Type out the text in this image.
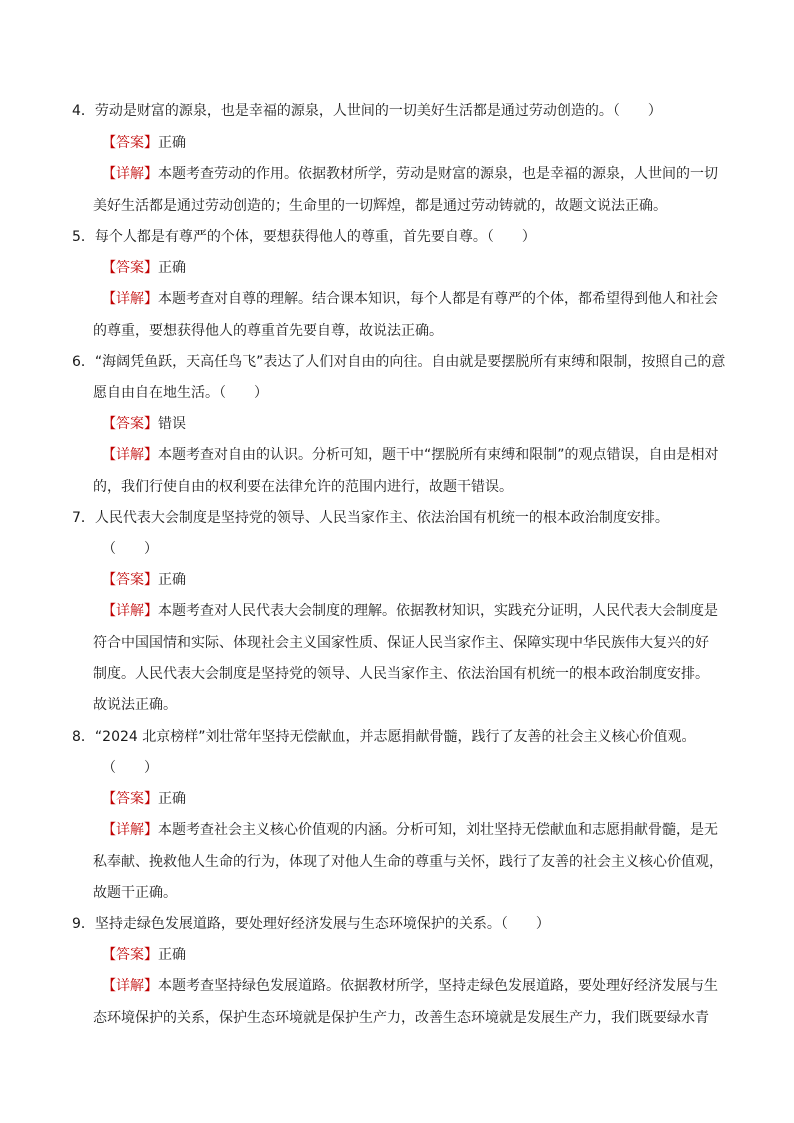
4．劳动是财富的源泉，也是幸福的源泉，人世间的一切美好生活都是通过劳动创造的。（　　）
【答案】正确
【详解】本题考查劳动的作用。依据教材所学，劳动是财富的源泉，也是幸福的源泉，人世间的一切
美好生活都是通过劳动创造的；生命里的一切辉煌，都是通过劳动铸就的，故题文说法正确。
5．每个人都是有尊严的个体，要想获得他人的尊重，首先要自尊。（　　）
【答案】正确
【详解】本题考查对自尊的理解。结合课本知识，每个人都是有尊严的个体，都希望得到他人和社会
的尊重，要想获得他人的尊重首先要自尊，故说法正确。
6．“海阔凭鱼跃，天高任鸟飞”表达了人们对自由的向往。自由就是要摆脱所有束缚和限制，按照自己的意
愿自由自在地生活。（　　）
【答案】错误
【详解】本题考查对自由的认识。分析可知，题干中“摆脱所有束缚和限制”的观点错误，自由是相对
的，我们行使自由的权利要在法律允许的范围内进行，故题干错误。
7．人民代表大会制度是坚持党的领导、人民当家作主、依法治国有机统一的根本政治制度安排。
（　　）
【答案】正确
【详解】本题考查对人民代表大会制度的理解。依据教材知识，实践充分证明，人民代表大会制度是
符合中国国情和实际、体现社会主义国家性质、保证人民当家作主、保障实现中华民族伟大复兴的好
制度。人民代表大会制度是坚持党的领导、人民当家作主、依法治国有机统一的根本政治制度安排。
故说法正确。
8．“2024 北京榜样”刘壮常年坚持无偿献血，并志愿捐献骨髓，践行了友善的社会主义核心价值观。
（　　）
【答案】正确
【详解】本题考查社会主义核心价值观的内涵。分析可知，刘壮坚持无偿献血和志愿捐献骨髓，是无
私奉献、挽救他人生命的行为，体现了对他人生命的尊重与关怀，践行了友善的社会主义核心价值观，
故题干正确。
9．坚持走绿色发展道路，要处理好经济发展与生态环境保护的关系。（　　）
【答案】正确
【详解】本题考查坚持绿色发展道路。依据教材所学，坚持走绿色发展道路，要处理好经济发展与生
态环境保护的关系，保护生态环境就是保护生产力，改善生态环境就是发展生产力，我们既要绿水青
